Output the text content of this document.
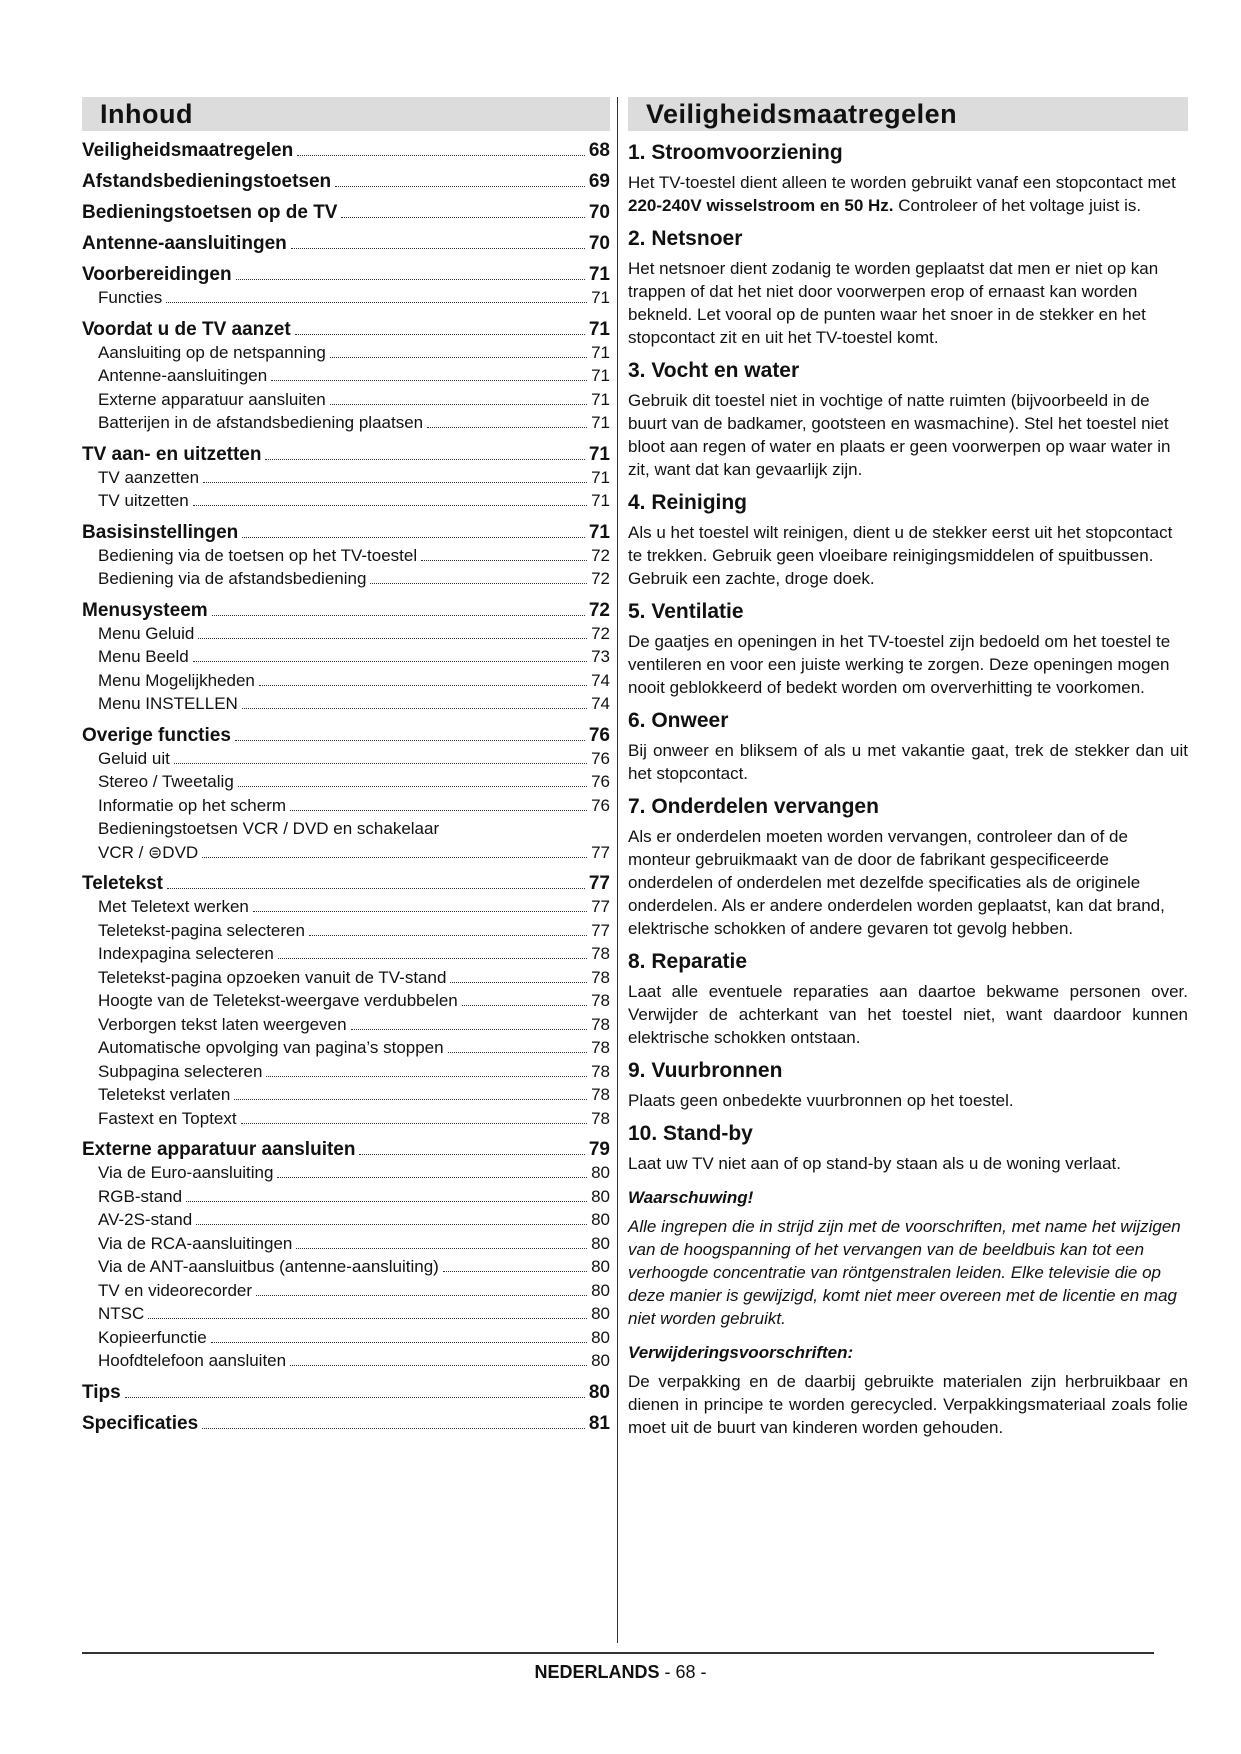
Inhoud
Veiligheidsmaatregelen	68
Afstandsbedieningstoetsen	69
Bedieningstoetsen op de TV	70
Antenne-aansluitingen	70
Voorbereidingen	71
Functies	71
Voordat u de TV aanzet	71
Aansluiting op de netspanning	71
Antenne-aansluitingen	71
Externe apparatuur aansluiten	71
Batterijen in de afstandsbediening plaatsen	71
TV aan- en uitzetten	71
TV aanzetten	71
TV uitzetten	71
Basisinstellingen	71
Bediening via de toetsen op het TV-toestel	72
Bediening via de afstandsbediening	72
Menusysteem	72
Menu Geluid	72
Menu Beeld	73
Menu Mogelijkheden	74
Menu INSTELLEN	74
Overige functies	76
Geluid uit	76
Stereo / Tweetalig	76
Informatie op het scherm	76
Bedieningstoetsen VCR / DVD en schakelaar
VCR / ⊜DVD	77
Teletekst	77
Met Teletext werken	77
Teletekst-pagina selecteren	77
Indexpagina selecteren	78
Teletekst-pagina opzoeken vanuit de TV-stand	78
Hoogte van de Teletekst-weergave verdubbelen	78
Verborgen tekst laten weergeven	78
Automatische opvolging van pagina’s stoppen	78
Subpagina selecteren	78
Teletekst verlaten	78
Fastext en Toptext	78
Externe apparatuur aansluiten	79
Via de Euro-aansluiting	80
RGB-stand	80
AV-2S-stand	80
Via de RCA-aansluitingen	80
Via de ANT-aansluitbus (antenne-aansluiting)	80
TV en videorecorder	80
NTSC	80
Kopieerfunctie	80
Hoofdtelefoon aansluiten	80
Tips	80
Specificaties	81
Veiligheidsmaatregelen
1. Stroomvoorziening
Het TV-toestel dient alleen te worden gebruikt vanaf een stopcontact met 220-240V wisselstroom en 50 Hz. Controleer of het voltage juist is.
2. Netsnoer
Het netsnoer dient zodanig te worden geplaatst dat men er niet op kan trappen of dat het niet door voorwerpen erop of ernaast kan worden bekneld. Let vooral op de punten waar het snoer in de stekker en het stopcontact zit en uit het TV-toestel komt.
3. Vocht en water
Gebruik dit toestel niet in vochtige of natte ruimten (bijvoorbeeld in de buurt van de badkamer, gootsteen en wasmachine). Stel het toestel niet bloot aan regen of water en plaats er geen voorwerpen op waar water in zit, want dat kan gevaarlijk zijn.
4. Reiniging
Als u het toestel wilt reinigen, dient u de stekker eerst uit het stopcontact te trekken. Gebruik geen vloeibare reinigingsmiddelen of spuitbussen. Gebruik een zachte, droge doek.
5. Ventilatie
De gaatjes en openingen in het TV-toestel zijn bedoeld om het toestel te ventileren en voor een juiste werking te zorgen. Deze openingen mogen nooit geblokkeerd of bedekt worden om oververhitting te voorkomen.
6. Onweer
Bij onweer en bliksem of als u met vakantie gaat, trek de stekker dan uit het stopcontact.
7. Onderdelen vervangen
Als er onderdelen moeten worden vervangen, controleer dan of de monteur gebruikmaakt van de door de fabrikant gespecificeerde onderdelen of onderdelen met dezelfde specificaties als de originele onderdelen. Als er andere onderdelen worden geplaatst, kan dat brand, elektrische schokken of andere gevaren tot gevolg hebben.
8. Reparatie
Laat alle eventuele reparaties aan daartoe bekwame personen over. Verwijder de achterkant van het toestel niet, want daardoor kunnen elektrische schokken ontstaan.
9. Vuurbronnen
Plaats geen onbedekte vuurbronnen op het toestel.
10. Stand-by
Laat uw TV niet aan of op stand-by staan als u de woning verlaat.
Waarschuwing!
Alle ingrepen die in strijd zijn met de voorschriften, met name het wijzigen van de hoogspanning of het vervangen van de beeldbuis kan tot een verhoogde concentratie van röntgenstralen leiden. Elke televisie die op deze manier is gewijzigd, komt niet meer overeen met de licentie en mag niet worden gebruikt.
Verwijderingsvoorschriften:
De verpakking en de daarbij gebruikte materialen zijn herbruikbaar en dienen in principe te worden gerecycled. Verpakkingsmateriaal zoals folie moet uit de buurt van kinderen worden gehouden.
NEDERLANDS - 68 -
